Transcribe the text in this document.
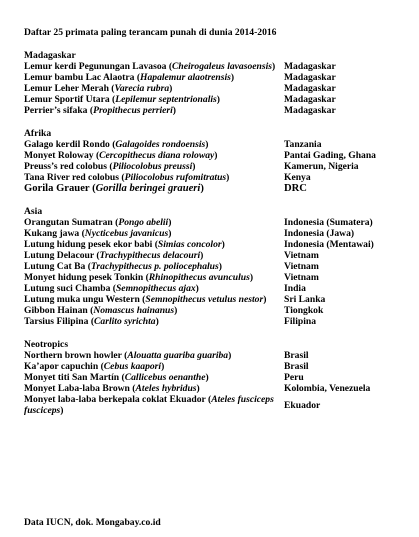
Daftar 25 primata paling terancam punah di dunia 2014-2016
Madagaskar
Lemur kerdi Pegunungan Lavasoa (Cheirogaleus lavasoensis) Madagaskar
Lemur bambu Lac Alaotra (Hapalemur alaotrensis)	Madagaskar
Lemur Leher Merah (Varecia rubra)	Madagaskar
Lemur Sportif Utara (Lepilemur septentrionalis)	Madagaskar
Perrier’s sifaka (Propithecus perrieri)	Madagaskar
Afrika
Galago kerdil Rondo (Galagoides rondoensis)	Tanzania
Monyet Roloway (Cercopithecus diana roloway)	Pantai Gading, Ghana
Preuss’s red colobus (Piliocolobus preussi)	Kamerun, Nigeria
Tana River red colobus (Piliocolobus rufomitratus)	Kenya
Gorila Grauer (Gorilla beringei graueri)	DRC
Asia
Orangutan Sumatran (Pongo abelii)	Indonesia (Sumatera)
Kukang jawa (Nycticebus javanicus)	Indonesia (Jawa)
Lutung hidung pesek ekor babi (Simias concolor)	Indonesia (Mentawai)
Lutung Delacour (Trachypithecus delacouri)	Vietnam
Lutung Cat Ba (Trachypithecus p. poliocephalus)	Vietnam
Monyet hidung pesek Tonkin (Rhinopithecus avunculus)	Vietnam
Lutung suci Chamba (Semnopithecus ajax)	India
Lutung muka ungu Western (Semnopithecus vetulus nestor)	Sri Lanka
Gibbon Hainan (Nomascus hainanus)	Tiongkok
Tarsius Filipina (Carlito syrichta)	Filipina
Neotropics
Northern brown howler (Alouatta guariba guariba)	Brasil
Ka’apor capuchin (Cebus kaapori)	Brasil
Monyet titi San Martín (Callicebus oenanthe)	Peru
Monyet Laba-laba Brown (Ateles hybridus)	Kolombia, Venezuela
Monyet laba-laba berkepala coklat Ekuador (Ateles fusciceps fusciceps)	Ekuador
Data IUCN, dok. Mongabay.co.id
